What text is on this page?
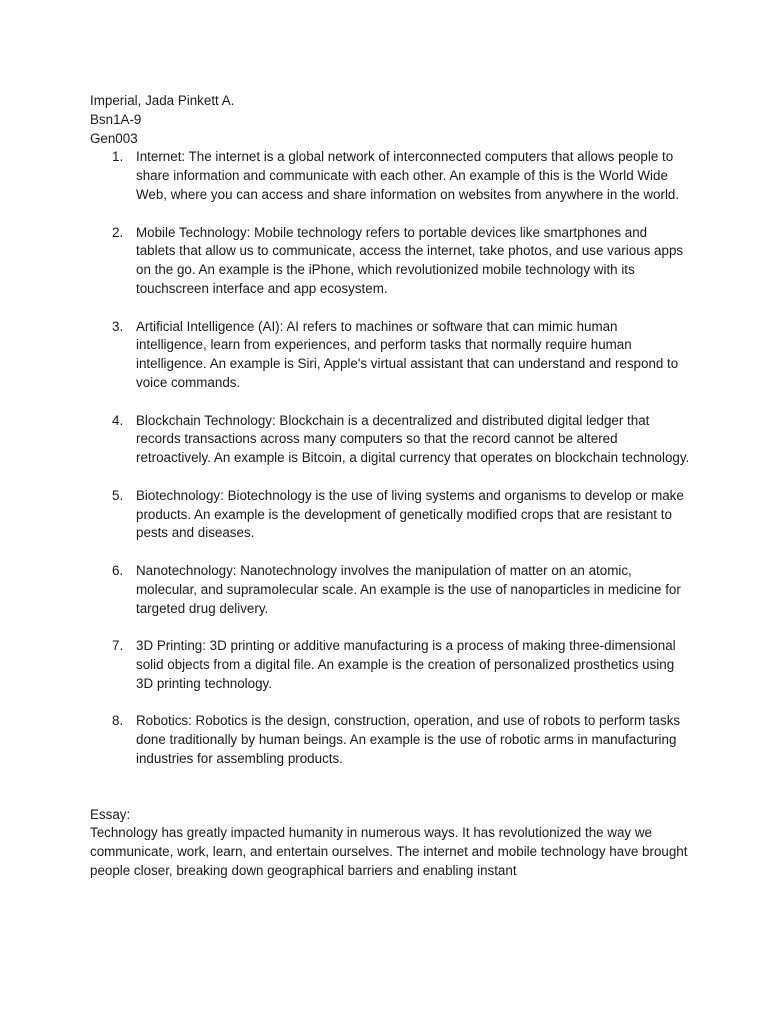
Imperial, Jada Pinkett A.

Bsn1A-9

Gen003

1. Internet: The internet is a global network of interconnected computers that allows people to share information and communicate with each other. An example of this is the World Wide Web, where you can access and share information on websites from anywhere in the world.
2. Mobile Technology: Mobile technology refers to portable devices like smartphones and tablets that allow us to communicate, access the internet, take photos, and use various apps on the go. An example is the iPhone, which revolutionized mobile technology with its touchscreen interface and app ecosystem.
3. Artificial Intelligence (AI): AI refers to machines or software that can mimic human intelligence, learn from experiences, and perform tasks that normally require human intelligence. An example is Siri, Apple's virtual assistant that can understand and respond to voice commands.
4. Blockchain Technology: Blockchain is a decentralized and distributed digital ledger that records transactions across many computers so that the record cannot be altered retroactively. An example is Bitcoin, a digital currency that operates on blockchain technology.
5. Biotechnology: Biotechnology is the use of living systems and organisms to develop or make products. An example is the development of genetically modified crops that are resistant to pests and diseases.
6. Nanotechnology: Nanotechnology involves the manipulation of matter on an atomic, molecular, and supramolecular scale. An example is the use of nanoparticles in medicine for targeted drug delivery.
7. 3D Printing: 3D printing or additive manufacturing is a process of making three-dimensional solid objects from a digital file. An example is the creation of personalized prosthetics using 3D printing technology.
8. Robotics: Robotics is the design, construction, operation, and use of robots to perform tasks done traditionally by human beings. An example is the use of robotic arms in manufacturing industries for assembling products.

Essay:

Technology has greatly impacted humanity in numerous ways. It has revolutionized the way we communicate, work, learn, and entertain ourselves. The internet and mobile technology have brought people closer, breaking down geographical barriers and enabling instant
